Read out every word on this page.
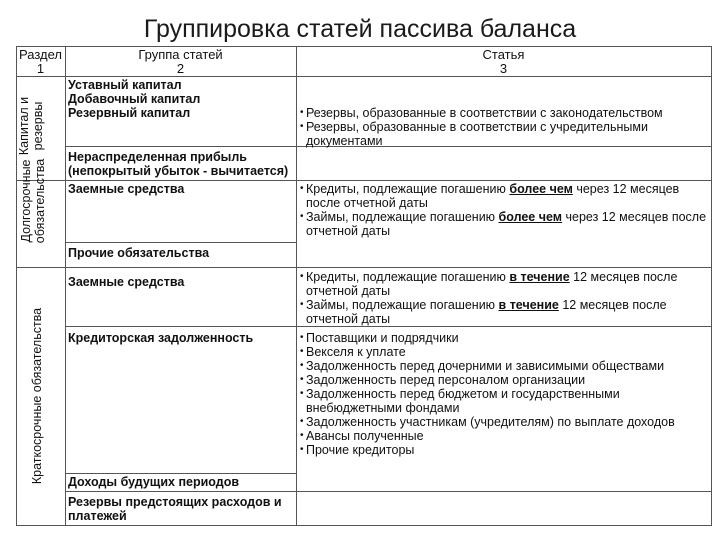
Группировка статей пассива баланса
Раздел
1
Группа статей
2
Статья
3
Капитал и резервы
Долгосрочные обязательства
Краткосрочные обязательства
Уставный капитал
Добавочный капитал
Резервный капитал
Нераспределенная прибыль (непокрытый убыток - вычитается)
• Резервы, образованные в соответствии с законодательством
• Резервы, образованные в соответствии с учредительными документами
Заемные средства
Прочие обязательства
• Кредиты, подлежащие погашению более чем через 12 месяцев после отчетной даты
• Займы, подлежащие погашению более чем через 12 месяцев после отчетной даты
Заемные средства	• Кредиты, подлежащие погашению в течение 12 месяцев после отчетной даты
• Займы, подлежащие погашению в течение 12 месяцев после отчетной даты
Кредиторская задолженность	• Поставщики и подрядчики
• Векселя к уплате
• Задолженность перед дочерними и зависимыми обществами
• Задолженность перед персоналом организации
• Задолженность перед бюджетом и государственными внебюджетными фондами
• Задолженность участникам (учредителям) по выплате доходов
• Авансы полученные
• Прочие кредиторы
Доходы будущих периодов
Резервы предстоящих расходов и платежей
